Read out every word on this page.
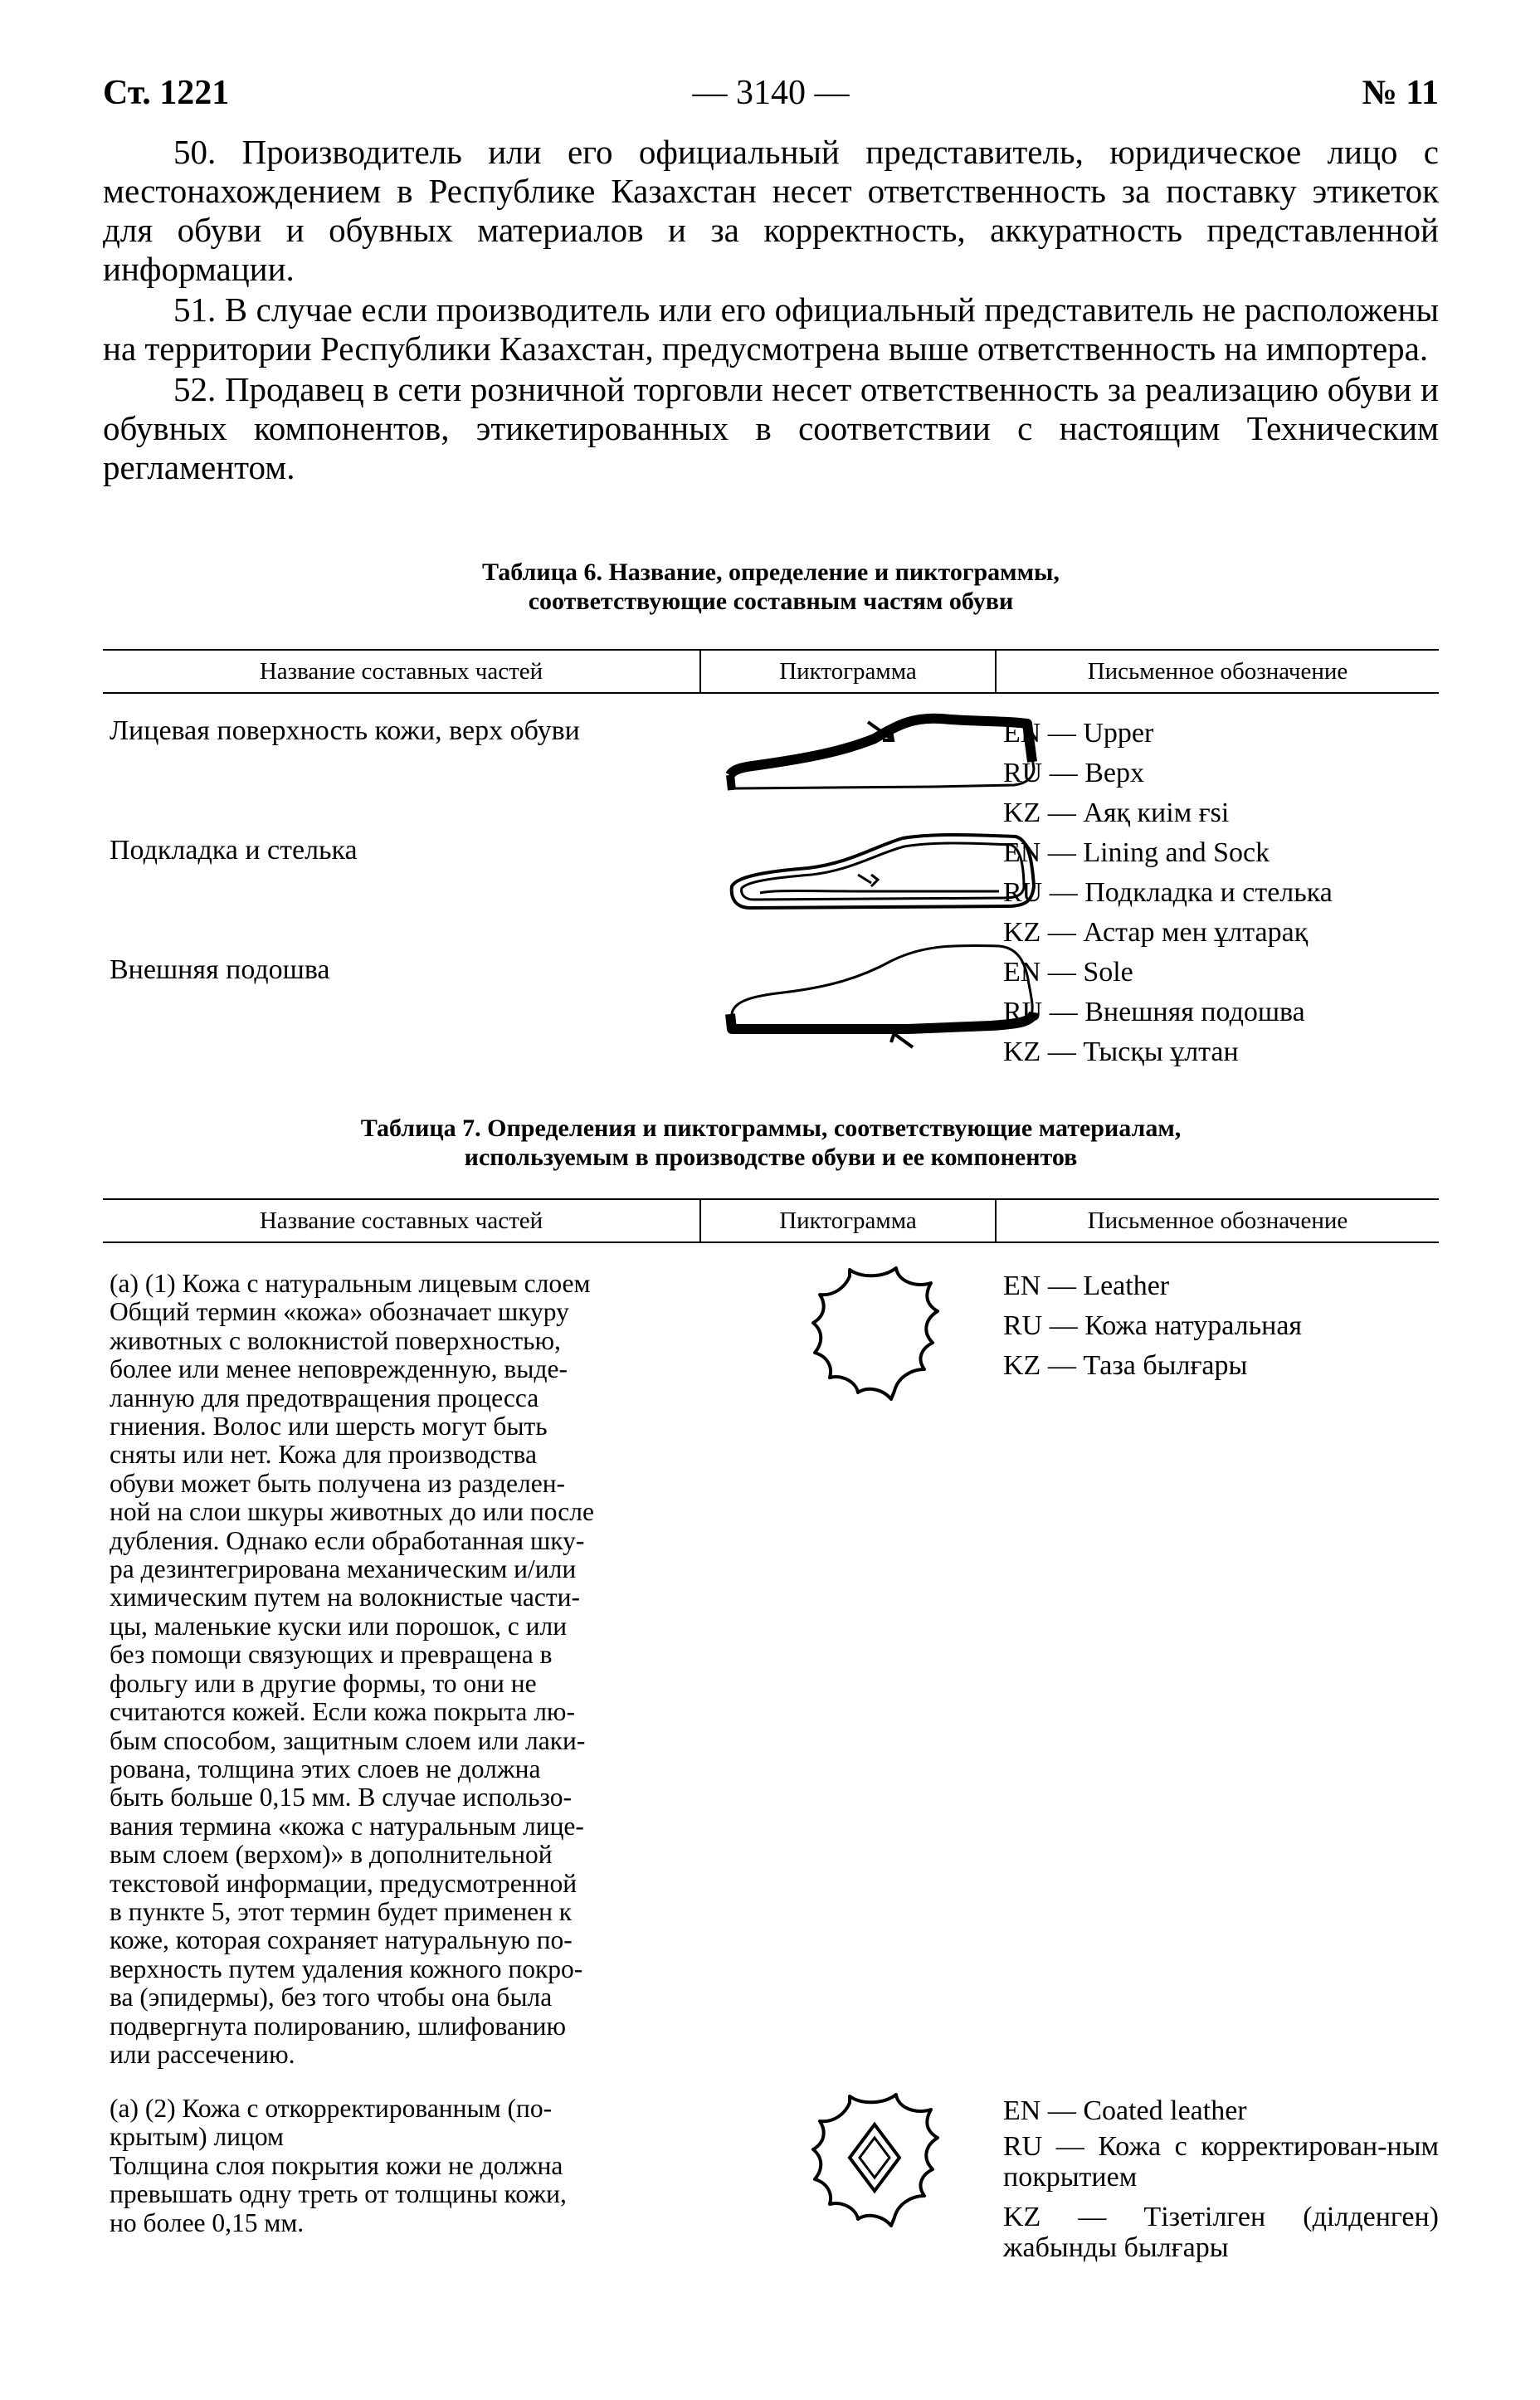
Ст. 1221	— 3140 —	№ 11

50. Производитель или его официальный представитель, юридическое лицо с местонахождением в Республике Казахстан несет ответственность за поставку этикеток для обуви и обувных материалов и за корректность, аккуратность представленной информации.

51. В случае если производитель или его официальный представитель не расположены на территории Республики Казахстан, предусмотрена выше ответственность на импортера.

52. Продавец в сети розничной торговли несет ответственность за реализацию обуви и обувных компонентов, этикетированных в соответствии с настоящим Техническим регламентом.

Таблица 6. Название, определение и пиктограммы,
соответствующие составным частям обуви
Название составных частей	Пиктограмма	Письменное обозначение
Лицевая поверхность кожи, верх обуви	EN — Upper
RU — Верх
KZ — Аяқ киім ғsi
Подкладка и стелька	EN — Lining and Sock
RU — Подкладка и стелька
KZ — Астар мен ұлтарақ
Внешняя подошва	EN — Sole
RU — Внешняя подошва
KZ — Тысқы ұлтан
Таблица 7. Определения и пиктограммы, соответствующие материалам,
используемым в производстве обуви и ее компонентов
Название составных частей	Пиктограмма	Письменное обозначение
(а) (1) Кожа с натуральным лицевым слоем
Общий термин «кожа» обозначает шкуру
животных с волокнистой поверхностью,
более или менее неповрежденную, выде-
ланную для предотвращения процесса
гниения. Волос или шерсть могут быть
сняты или нет. Кожа для производства
обуви может быть получена из разделен-
ной на слои шкуры животных до или после
дубления. Однако если обработанная шку-
ра дезинтегрирована механическим и/или
химическим путем на волокнистые части-
цы, маленькие куски или порошок, с или
без помощи связующих и превращена в
фольгу или в другие формы, то они не
считаются кожей. Если кожа покрыта лю-
бым способом, защитным слоем или лаки-
рована, толщина этих слоев не должна
быть больше 0,15 мм. В случае использо-
вания термина «кожа с натуральным лице-
вым слоем (верхом)» в дополнительной
текстовой информации, предусмотренной
в пункте 5, этот термин будет применен к
коже, которая сохраняет натуральную по-
верхность путем удаления кожного покро-
ва (эпидермы), без того чтобы она была
подвергнута полированию, шлифованию
или рассечению.
EN — Leather
RU — Кожа натуральная
KZ — Таза былғары
(а) (2) Кожа с откорректированным (по-
крытым) лицом
Толщина слоя покрытия кожи не должна
превышать одну треть от толщины кожи,
но более 0,15 мм.
EN — Coated leather
RU — Кожа с корректирован-ным покрытием
KZ — Тізетілген (ділденген) жабынды былғары
